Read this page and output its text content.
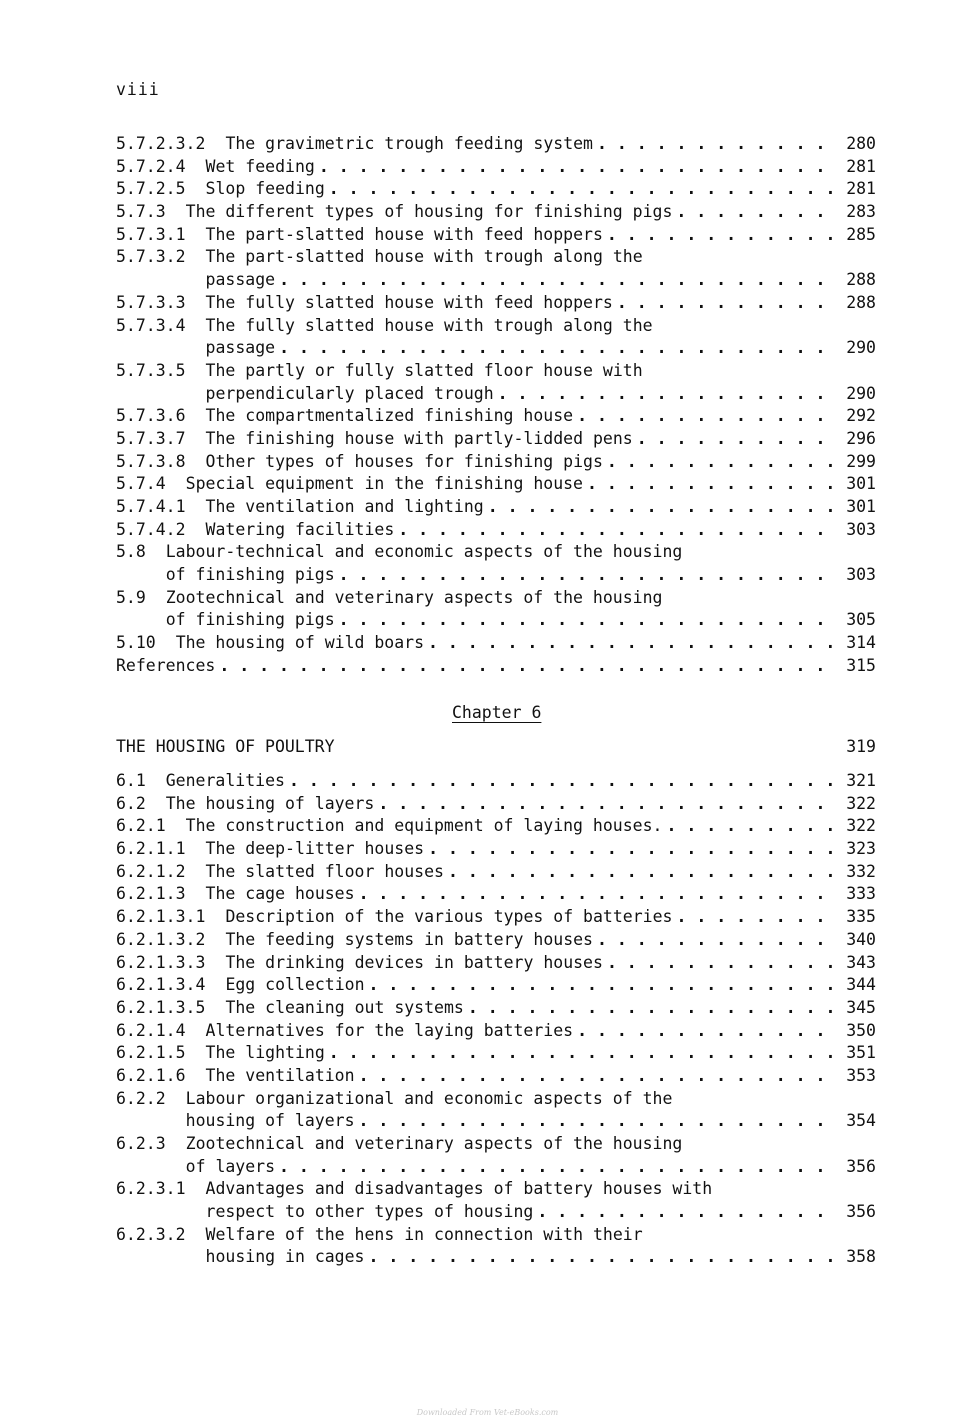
viii
5.7.2.3.2	The gravimetric trough feeding system . . .	280
5.7.2.4	Wet feeding . . .	281
5.7.2.5	Slop feeding . . .	281
5.7.3	The different types of housing for finishing pigs . . .	283
5.7.3.1	The part-slatted house with feed hoppers . . .	285
5.7.3.2	The part-slatted house with trough along the
passage . . .	288
5.7.3.3	The fully slatted house with feed hoppers . . .	288
5.7.3.4	The fully slatted house with trough along the
passage . . .	290
5.7.3.5	The partly or fully slatted floor house with
perpendicularly placed trough . . .	290
5.7.3.6	The compartmentalized finishing house . . .	292
5.7.3.7	The finishing house with partly-lidded pens . . .	296
5.7.3.8	Other types of houses for finishing pigs . . .	299
5.7.4	Special equipment in the finishing house . . .	301
5.7.4.1	The ventilation and lighting . . .	301
5.7.4.2	Watering facilities . . .	303
5.8	Labour-technical and economic aspects of the housing
of finishing pigs . . .	303
5.9	Zootechnical and veterinary aspects of the housing
of finishing pigs . . .	305
5.10	The housing of wild boars . . .	314
References . . .	315
Chapter 6
THE HOUSING OF POULTRY	319
6.1	Generalities . . .	321
6.2	The housing of layers . . .	322
6.2.1	The construction and equipment of laying houses. . . .	322
6.2.1.1	The deep-litter houses . . .	323
6.2.1.2	The slatted floor houses . . .	332
6.2.1.3	The cage houses . . .	333
6.2.1.3.1	Description of the various types of batteries . . .	335
6.2.1.3.2	The feeding systems in battery houses . . .	340
6.2.1.3.3	The drinking devices in battery houses . . .	343
6.2.1.3.4	Egg collection . . .	344
6.2.1.3.5	The cleaning out systems . . .	345
6.2.1.4	Alternatives for the laying batteries . . .	350
6.2.1.5	The lighting . . .	351
6.2.1.6	The ventilation . . .	353
6.2.2	Labour organizational and economic aspects of the
housing of layers . . .	354
6.2.3	Zootechnical and veterinary aspects of the housing
of layers . . .	356
6.2.3.1	Advantages and disadvantages of battery houses with
respect to other types of housing . . .	356
6.2.3.2	Welfare of the hens in connection with their
housing in cages . . .	358
Downloaded From Vet-eBooks.com
